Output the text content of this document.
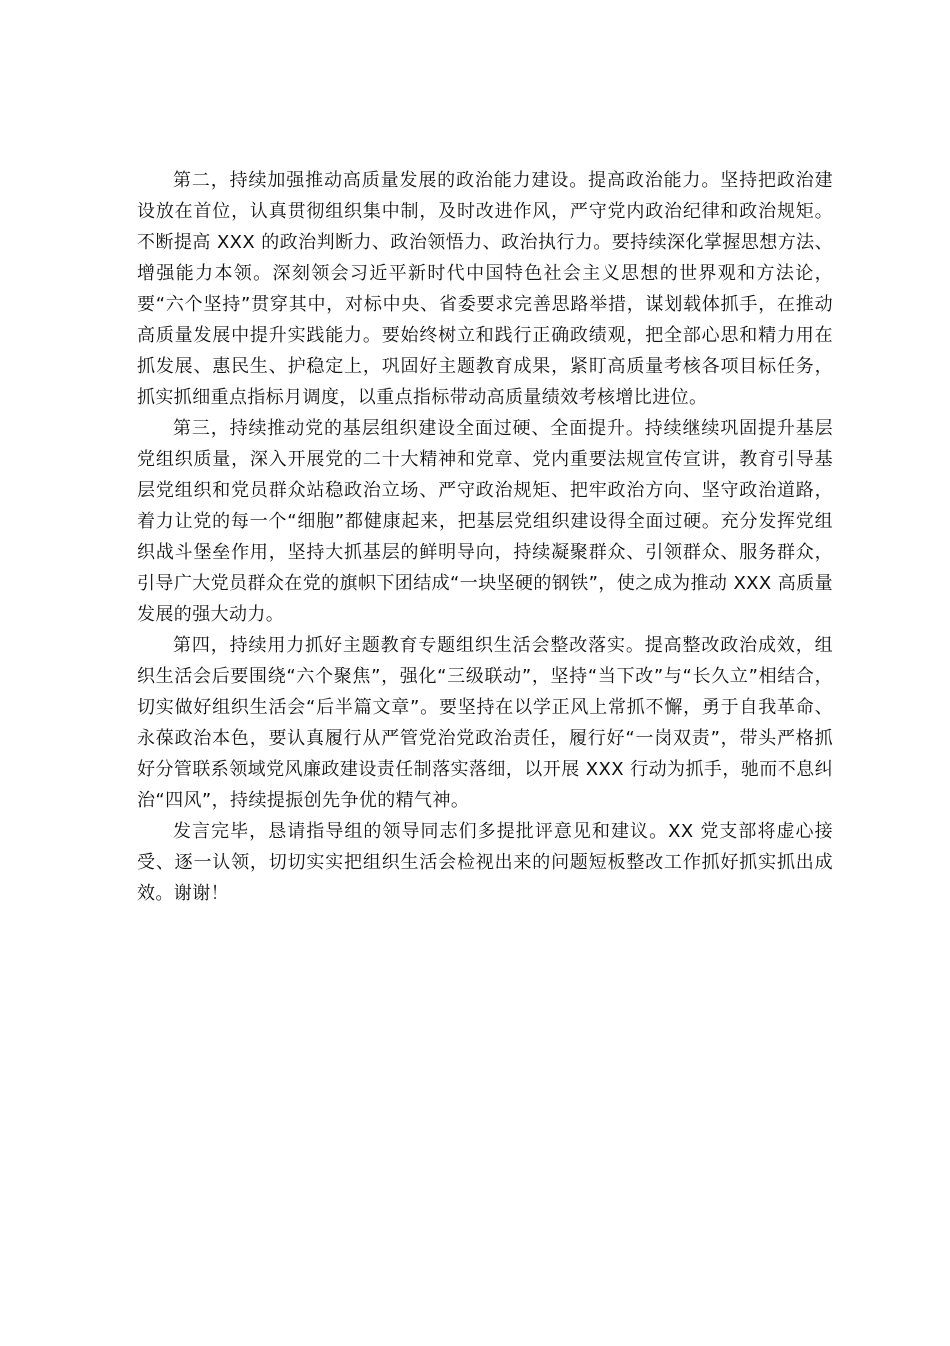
第二，持续加强推动高质量发展的政治能力建设。提高政治能力。坚持把政治建设放在首位，认真贯彻组织集中制，及时改进作风，严守党内政治纪律和政治规矩。不断提高 XXX 的政治判断力、政治领悟力、政治执行力。要持续深化掌握思想方法、增强能力本领。深刻领会习近平新时代中国特色社会主义思想的世界观和方法论，要“六个坚持”贯穿其中，对标中央、省委要求完善思路举措，谋划载体抓手，在推动高质量发展中提升实践能力。要始终树立和践行正确政绩观，把全部心思和精力用在抓发展、惠民生、护稳定上，巩固好主题教育成果，紧盯高质量考核各项目标任务，抓实抓细重点指标月调度，以重点指标带动高质量绩效考核增比进位。

第三，持续推动党的基层组织建设全面过硬、全面提升。持续继续巩固提升基层党组织质量，深入开展党的二十大精神和党章、党内重要法规宣传宣讲，教育引导基层党组织和党员群众站稳政治立场、严守政治规矩、把牢政治方向、坚守政治道路，着力让党的每一个“细胞”都健康起来，把基层党组织建设得全面过硬。充分发挥党组织战斗堡垒作用，坚持大抓基层的鲜明导向，持续凝聚群众、引领群众、服务群众，引导广大党员群众在党的旗帜下团结成“一块坚硬的钢铁”，使之成为推动 XXX 高质量发展的强大动力。

第四，持续用力抓好主题教育专题组织生活会整改落实。提高整改政治成效，组织生活会后要围绕“六个聚焦”，强化“三级联动”，坚持“当下改”与“长久立”相结合，切实做好组织生活会“后半篇文章”。要坚持在以学正风上常抓不懈，勇于自我革命、永葆政治本色，要认真履行从严管党治党政治责任，履行好“一岗双责”，带头严格抓好分管联系领域党风廉政建设责任制落实落细，以开展 XXX 行动为抓手，驰而不息纠治“四风”，持续提振创先争优的精气神。

发言完毕，恳请指导组的领导同志们多提批评意见和建议。XX 党支部将虚心接受、逐一认领，切切实实把组织生活会检视出来的问题短板整改工作抓好抓实抓出成效。谢谢！
